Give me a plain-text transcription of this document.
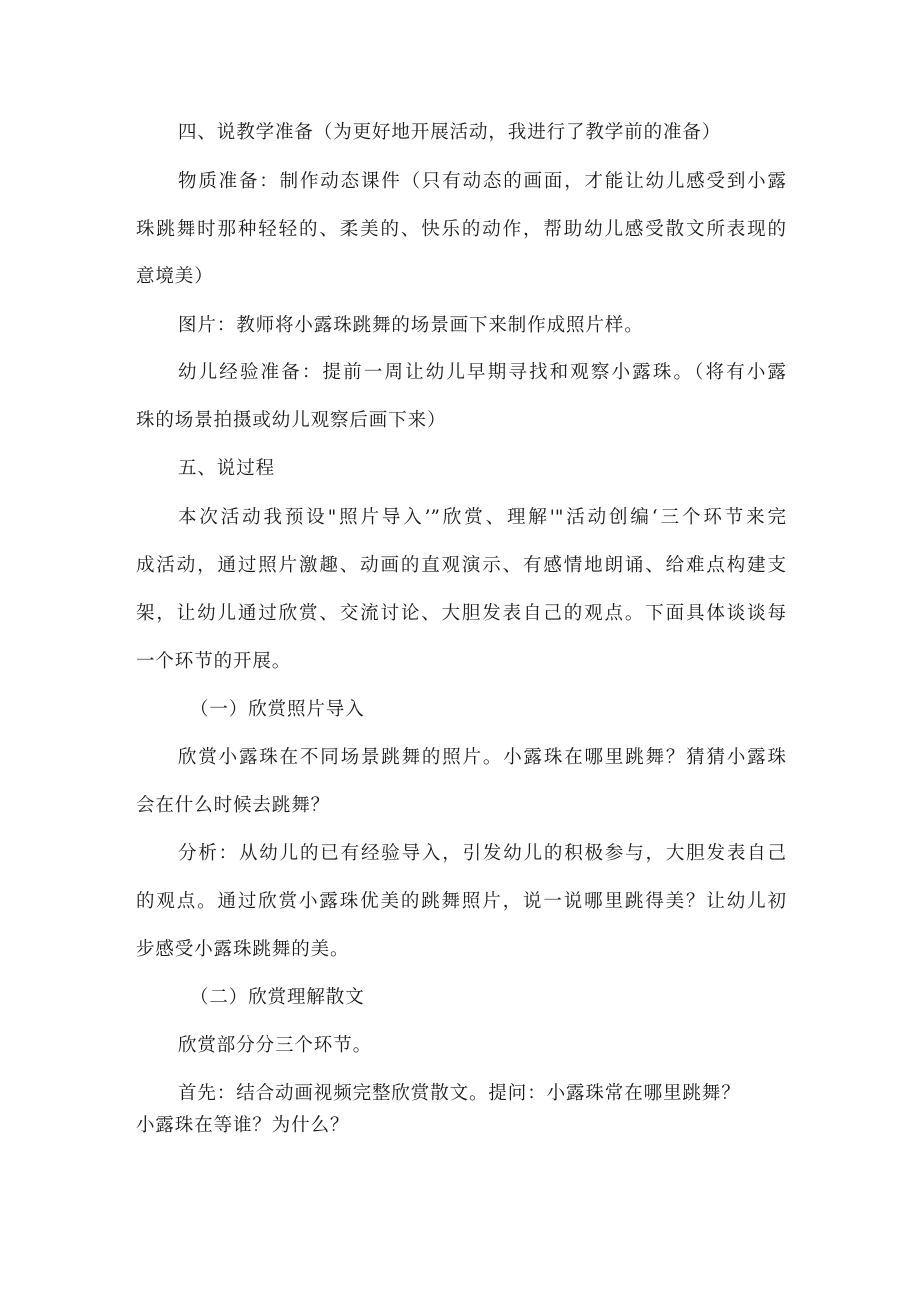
四、说教学准备（为更好地开展活动，我进行了教学前的准备）
物质准备：制作动态课件（只有动态的画面，才能让幼儿感受到小露
珠跳舞时那种轻轻的、柔美的、快乐的动作，帮助幼儿感受散文所表现的
意境美）
图片：教师将小露珠跳舞的场景画下来制作成照片样。
幼儿经验准备：提前一周让幼儿早期寻找和观察小露珠。（将有小露
珠的场景拍摄或幼儿观察后画下来）
五、说过程
本次活动我预设"照片导入’”欣赏、理解'"活动创编‘三个环节来完
成活动，通过照片激趣、动画的直观演示、有感情地朗诵、给难点构建支
架，让幼儿通过欣赏、交流讨论、大胆发表自己的观点。下面具体谈谈每
一个环节的开展。
（一）欣赏照片导入
欣赏小露珠在不同场景跳舞的照片。小露珠在哪里跳舞？猜猜小露珠
会在什么时候去跳舞？
分析：从幼儿的已有经验导入，引发幼儿的积极参与，大胆发表自己
的观点。通过欣赏小露珠优美的跳舞照片，说一说哪里跳得美？让幼儿初
步感受小露珠跳舞的美。
（二）欣赏理解散文
欣赏部分分三个环节。
首先：结合动画视频完整欣赏散文。提问：小露珠常在哪里跳舞？
小露珠在等谁？为什么？
